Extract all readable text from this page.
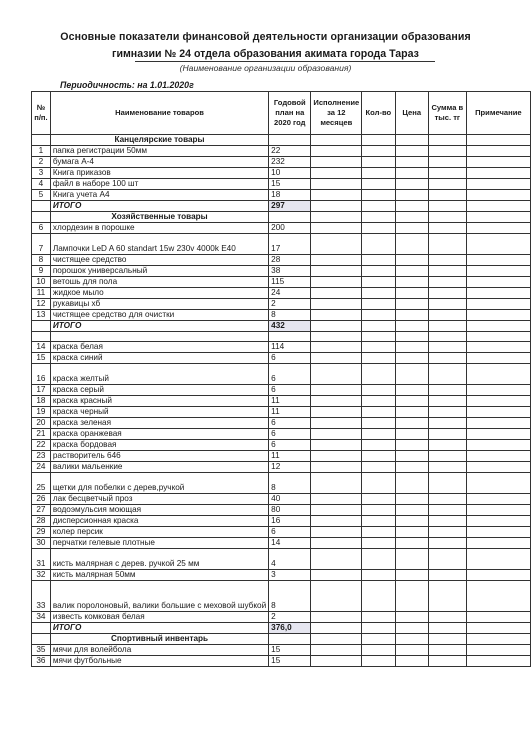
Основные показатели финансовой деятельности организации образования
гимназии № 24 отдела образования акимата города Тараз
(Наименование организации образования)
Периодичность: на 1.01.2020г
№ п/п.	Наименование товаров	Годовой план на 2020 год	Исполнение за 12 месяцев	Кол-во	Цена	Сумма в тыс. тг	Примечание
	Канцелярские товары						
1	папка регистрации 50мм	22					
2	бумага А-4	232					
3	Книга приказов	10					
4	файл в наборе 100 шт	15					
5	Книга учета А4	18					
	ИТОГО	297					
	Хозяйственные товары						
6	хлордезин в порошке	200					
7	Лампочки LeD A 60 standart 15w 230v 4000k E40	17					
8	чистящее средство	28					
9	порошок универсальный	38					
10	ветошь для пола	115					
11	жидкое мыло	24					
12	рукавицы хб	2					
13	чистящее средство для очистки	8					
	ИТОГО	432					

14	краска белая	114					
15	краска синий	6					
16	краска желтый	6					
17	краска серый	6					
18	краска красный	11					
19	краска черный	11					
20	краска зеленая	6					
21	краска оранжевая	6					
22	краска бордовая	6					
23	растворитель 646	11					
24	валики мальенкие	12					
25	щетки для побелки с дерев,ручкой	8					
26	лак бесцветчый проз	40					
27	водоэмульсия моющая	80					
28	дисперсионная краска	16					
29	колер персик	6					
30	перчатки гелевые плотные	14					
31	кисть малярная с дерев. ручкой 25 мм	4					
32	кисть малярная 50мм	3					
33	валик поролоновый, валики большие с меховой шубкой	8					
34	известь комковая белая	2					
	ИТОГО	376,0					
	Спортивный инвентарь						
35	мячи для волейбола	15					
36	мячи футбольные	15					
